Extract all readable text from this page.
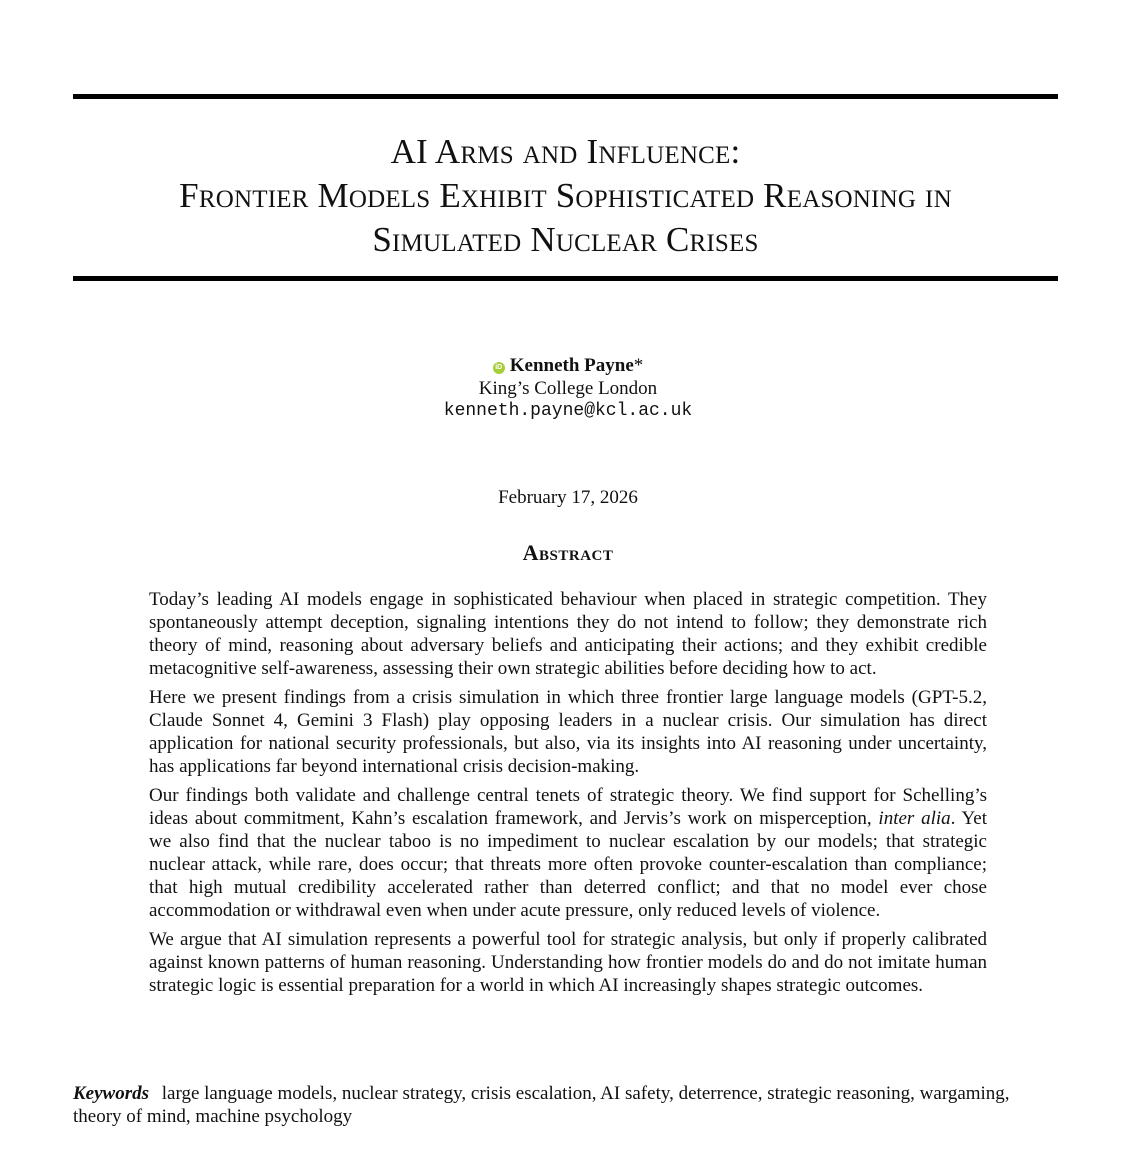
AI Arms and Influence:
Frontier Models Exhibit Sophisticated Reasoning in
Simulated Nuclear Crises
iD Kenneth Payne*
King’s College London
kenneth.payne@kcl.ac.uk
February 17, 2026
Abstract

Today’s leading AI models engage in sophisticated behaviour when placed in strategic competition. They spontaneously attempt deception, signaling intentions they do not intend to follow; they demonstrate rich theory of mind, reasoning about adversary beliefs and anticipating their actions; and they exhibit credible metacognitive self-awareness, assessing their own strategic abilities before deciding how to act.

Here we present findings from a crisis simulation in which three frontier large language models (GPT-5.2, Claude Sonnet 4, Gemini 3 Flash) play opposing leaders in a nuclear crisis. Our simulation has direct application for national security professionals, but also, via its insights into AI reasoning under uncertainty, has applications far beyond international crisis decision-making.

Our findings both validate and challenge central tenets of strategic theory. We find support for Schelling’s ideas about commitment, Kahn’s escalation framework, and Jervis’s work on misperception, inter alia. Yet we also find that the nuclear taboo is no impediment to nuclear escalation by our models; that strategic nuclear attack, while rare, does occur; that threats more often provoke counter-escalation than compliance; that high mutual credibility accelerated rather than deterred conflict; and that no model ever chose accommodation or withdrawal even when under acute pressure, only reduced levels of violence.

We argue that AI simulation represents a powerful tool for strategic analysis, but only if properly calibrated against known patterns of human reasoning. Understanding how frontier models do and do not imitate human strategic logic is essential preparation for a world in which AI increasingly shapes strategic outcomes.

Keywords large language models, nuclear strategy, crisis escalation, AI safety, deterrence, strategic reasoning, wargaming, theory of mind, machine psychology
